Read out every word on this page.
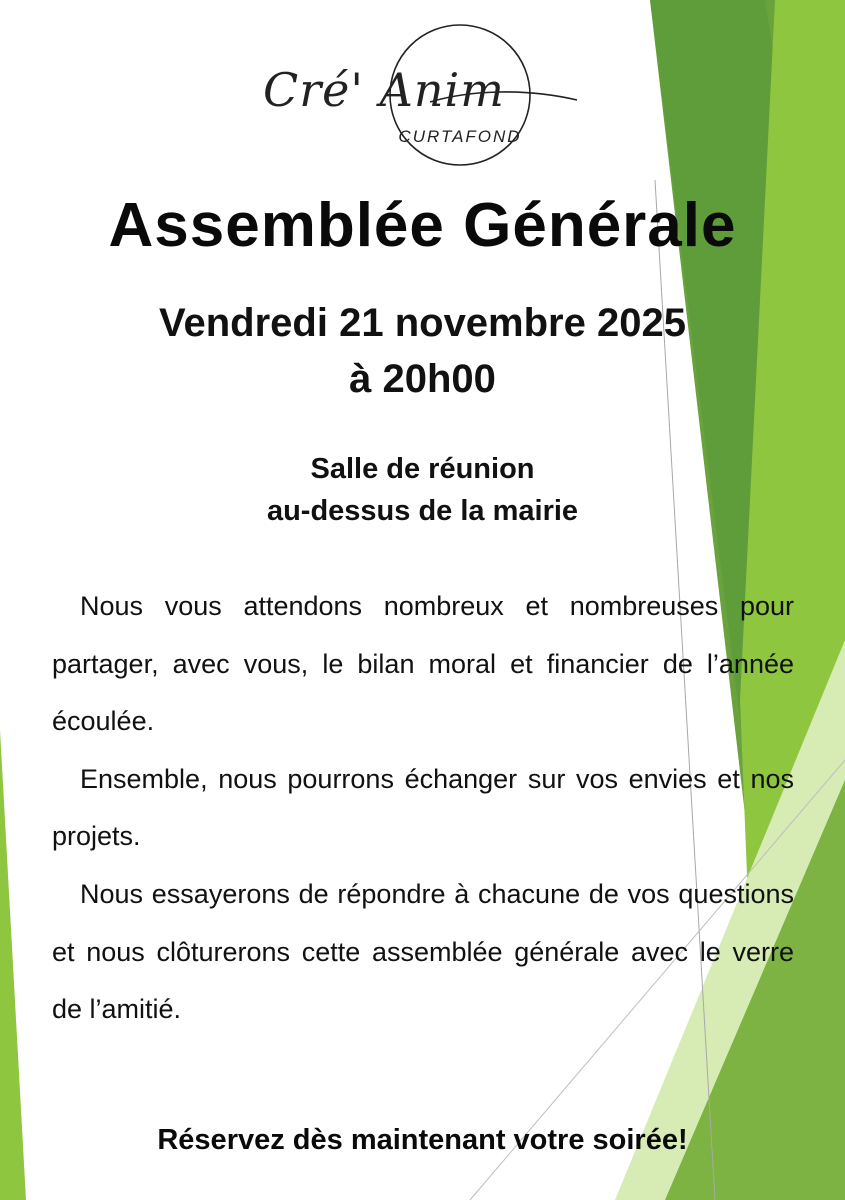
Cré' Anim
CURTAFOND
Assemblée Générale
Vendredi 21 novembre 2025
à 20h00
Salle de réunion
au-dessus de la mairie

Nous vous attendons nombreux et nombreuses pour partager, avec vous, le bilan moral et financier de l’année écoulée.

Ensemble, nous pourrons échanger sur vos envies et nos projets.

Nous essayerons de répondre à chacune de vos questions et nous clôturerons cette assemblée générale avec le verre de l’amitié.

Réservez dès maintenant votre soirée!
